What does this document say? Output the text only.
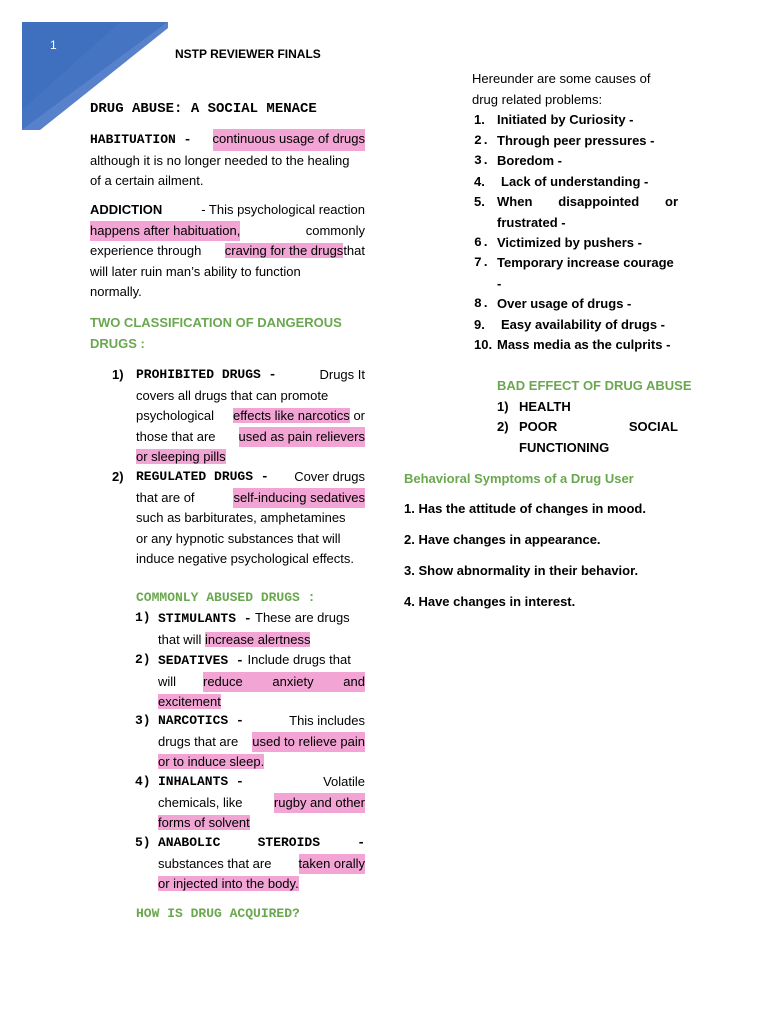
1
NSTP REVIEWER FINALS
DRUG ABUSE: A SOCIAL MENACE
HABITUATION - continuous usage of drugs
although it is no longer needed to the healing
of a certain ailment.
ADDICTION	- This psychological reaction
happens after habituation,	commonly
experience through craving for the drugsthat
will later ruin man’s ability to function
normally.
TWO CLASSIFICATION OF DANGEROUS
DRUGS :
1) PROHIBITED DRUGS -	Drugs It
covers all drugs that can promote
psychological effects like narcotics or
those that are used as pain relievers
or sleeping pills
2) REGULATED DRUGS - Cover drugs
that are of	self-inducing sedatives
such as barbiturates, amphetamines
or any hypnotic substances that will
induce negative psychological effects.
COMMONLY ABUSED DRUGS :
1) STIMULANTS - These are drugs
that will increase alertness
2) SEDATIVES - Include drugs that
will reduce anxiety and
excitement
3) NARCOTICS -	This includes
drugs that are used to relieve pain
or to induce sleep.
4) INHALANTS -	Volatile
chemicals, like rugby and other
forms of solvent
5) ANABOLIC	STEROIDS	-
substances that are taken orally
or injected into the body.
HOW IS DRUG ACQUIRED?
Hereunder are some causes of
drug related problems:
1. Initiated by Curiosity -
2. Through peer pressures -
3. Boredom -
4. Lack of understanding -
5. When disappointed or
frustrated -
6. Victimized by pushers -
7. Temporary increase courage
-
8. Over usage of drugs -
9. Easy availability of drugs -
10. Mass media as the culprits -
BAD EFFECT OF DRUG ABUSE
1) HEALTH
2) POOR	SOCIAL
FUNCTIONING
Behavioral Symptoms of a Drug User
1. Has the attitude of changes in mood.
2. Have changes in appearance.
3. Show abnormality in their behavior.
4. Have changes in interest.
